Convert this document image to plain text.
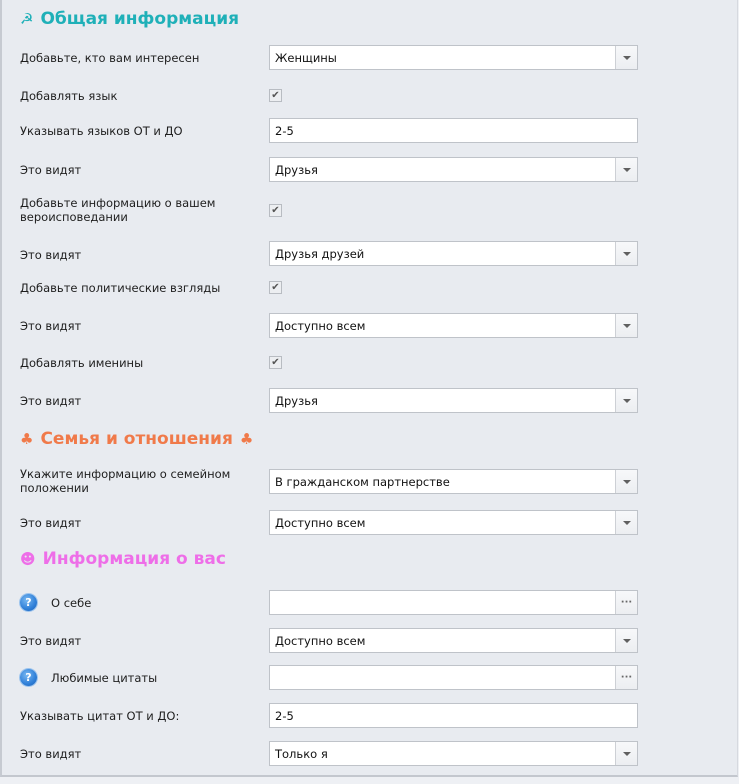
☭ Общая информация
Добавьте, кто вам интересен	Женщины
Добавлять язык	✔
Указывать языков ОТ и ДО	2-5
Это видят	Друзья
Добавьте информацию о вашем вероисповедании	✔
Это видят	Друзья друзей
Добавьте политические взгляды	✔
Это видят	Доступно всем
Добавлять именины	✔
Это видят	Друзья
♣ Семья и отношения ♣
Укажите информацию о семейном положении	В гражданском партнерстве
Это видят	Доступно всем
☻ Информация о вас
?	О себе	···
Это видят	Доступно всем
?	Любимые цитаты	···
Указывать цитат ОТ и ДО:	2-5
Это видят	Только я
